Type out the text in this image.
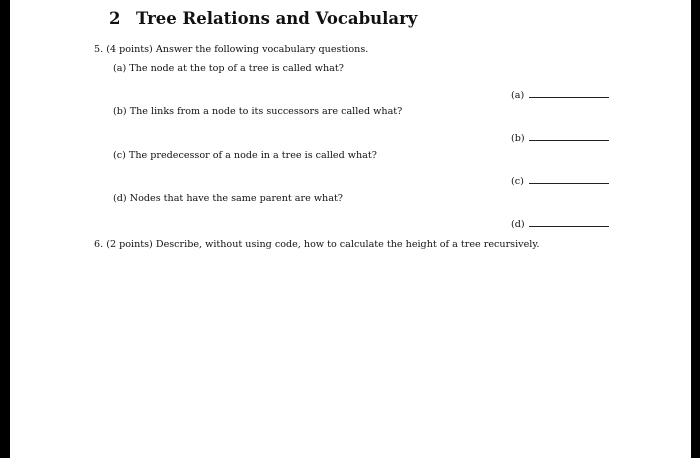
2 Tree Relations and Vocabulary
5. (4 points) Answer the following vocabulary questions.
(a) The node at the top of a tree is called what?
(a)
(b) The links from a node to its successors are called what?
(b)
(c) The predecessor of a node in a tree is called what?
(c)
(d) Nodes that have the same parent are what?
(d)
6. (2 points) Describe, without using code, how to calculate the height of a tree recursively.
